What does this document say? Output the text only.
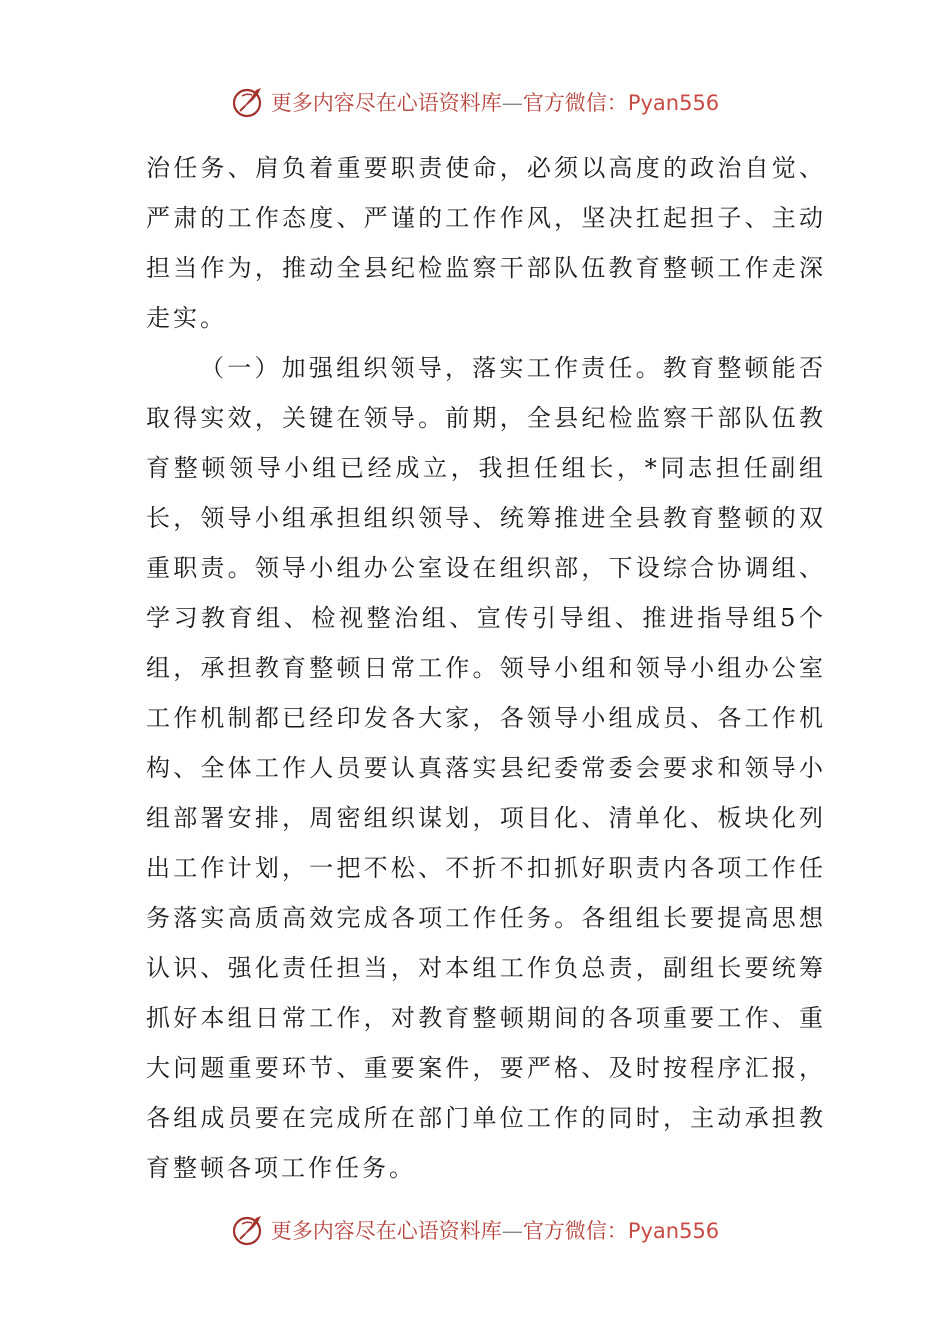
更多内容尽在心语资料库—官方微信：Pyan556

治任务、肩负着重要职责使命，必须以高度的政治自觉、严肃的工作态度、严谨的工作作风，坚决扛起担子、主动担当作为，推动全县纪检监察干部队伍教育整顿工作走深走实。

（一）加强组织领导，落实工作责任。教育整顿能否取得实效，关键在领导。前期，全县纪检监察干部队伍教育整顿领导小组已经成立，我担任组长，*同志担任副组长，领导小组承担组织领导、统筹推进全县教育整顿的双重职责。领导小组办公室设在组织部，下设综合协调组、学习教育组、检视整治组、宣传引导组、推进指导组5个组，承担教育整顿日常工作。领导小组和领导小组办公室工作机制都已经印发各大家，各领导小组成员、各工作机构、全体工作人员要认真落实县纪委常委会要求和领导小组部署安排，周密组织谋划，项目化、清单化、板块化列出工作计划，一把不松、不折不扣抓好职责内各项工作任务落实高质高效完成各项工作任务。各组组长要提高思想认识、强化责任担当，对本组工作负总责，副组长要统筹抓好本组日常工作，对教育整顿期间的各项重要工作、重大问题重要环节、重要案件，要严格、及时按程序汇报，各组成员要在完成所在部门单位工作的同时，主动承担教育整顿各项工作任务。

更多内容尽在心语资料库—官方微信：Pyan556
